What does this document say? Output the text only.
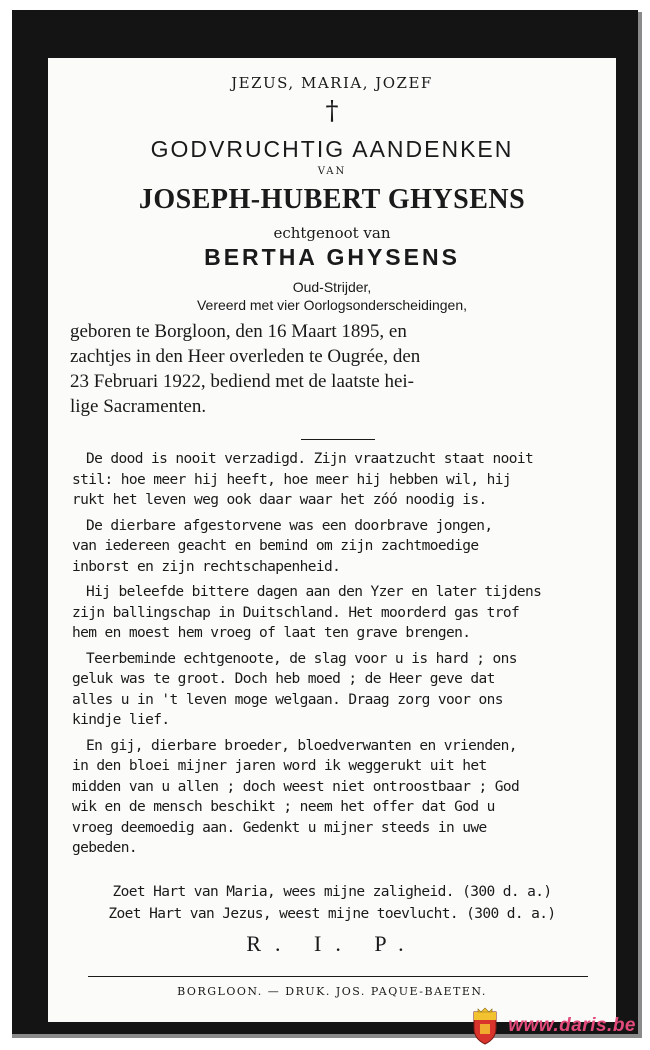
JEZUS, MARIA, JOZEF
†
GODVRUCHTIG AANDENKEN
VAN
JOSEPH-HUBERT GHYSENS
echtgenoot van
BERTHA GHYSENS
Oud-Strijder,
Vereerd met vier Oorlogsonderscheidingen,
geboren te Borgloon, den 16 Maart 1895, en
zachtjes in den Heer overleden te Ougrée, den
23 Februari 1922, bediend met de laatste hei-
lige Sacramenten.
De dood is nooit verzadigd. Zijn vraatzucht staat nooit
stil: hoe meer hij heeft, hoe meer hij hebben wil, hij
rukt het leven weg ook daar waar het zóó noodig is.
De dierbare afgestorvene was een doorbrave jongen,
van iedereen geacht en bemind om zijn zachtmoedige
inborst en zijn rechtschapenheid.
Hij beleefde bittere dagen aan den Yzer en later tijdens
zijn ballingschap in Duitschland. Het moorderd gas trof
hem en moest hem vroeg of laat ten grave brengen.
Teerbeminde echtgenoote, de slag voor u is hard ; ons
geluk was te groot. Doch heb moed ; de Heer geve dat
alles u in 't leven moge welgaan. Draag zorg voor ons
kindje lief.
En gij, dierbare broeder, bloedverwanten en vrienden,
in den bloei mijner jaren word ik weggerukt uit het
midden van u allen ; doch weest niet ontroostbaar ; God
wik en de mensch beschikt ; neem het offer dat God u
vroeg deemoedig aan. Gedenkt u mijner steeds in uwe
gebeden.
Zoet Hart van Maria, wees mijne zaligheid. (300 d. a.)
Zoet Hart van Jezus, weest mijne toevlucht. (300 d. a.)
R. I. P.
BORGLOON. — DRUK. JOS. PAQUE-BAETEN.
www.daris.be
